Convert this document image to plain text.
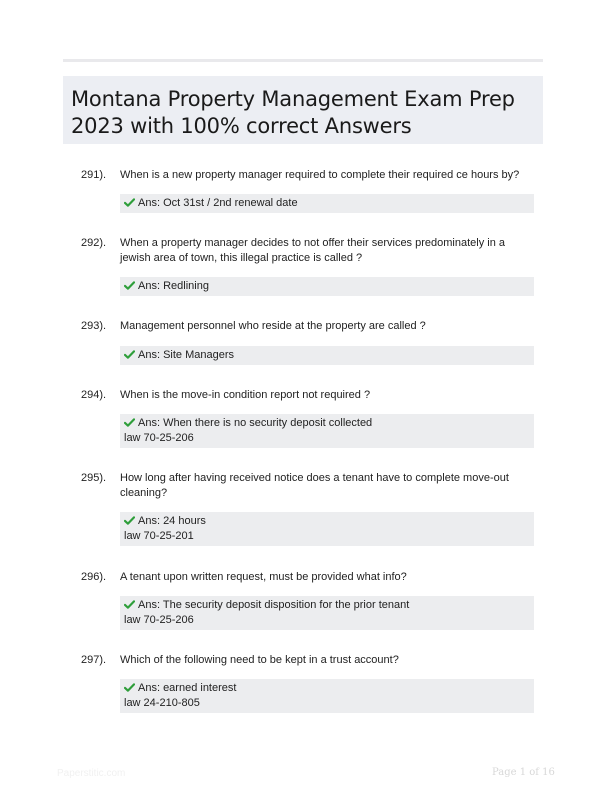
Montana Property Management Exam Prep 2023 with 100% correct Answers
291). When is a new property manager required to complete their required ce hours by?
Ans: Oct 31st / 2nd renewal date
292). When a property manager decides to not offer their services predominately in a jewish area of town, this illegal practice is called ?
Ans: Redlining
293). Management personnel who reside at the property are called ?
Ans: Site Managers
294). When is the move-in condition report not required ?
Ans: When there is no security deposit collected
law 70-25-206
295). How long after having received notice does a tenant have to complete move-out cleaning?
Ans: 24 hours
law 70-25-201
296). A tenant upon written request, must be provided what info?
Ans: The security deposit disposition for the prior tenant
law 70-25-206
297). Which of the following need to be kept in a trust account?
Ans: earned interest
law 24-210-805
Paperstitic.com	Page 1 of 16
